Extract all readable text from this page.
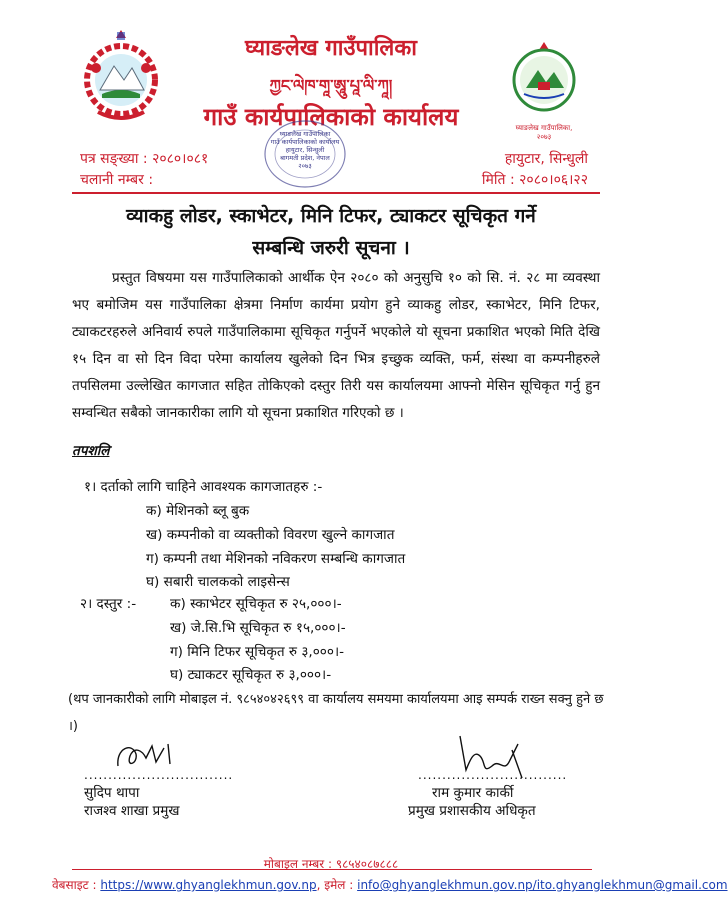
घ्याङलेख गाउँपालिका, २०७३
घ्याङलेख गाउँपालिका
ཀྱང་ལེཁ་གཱ་ཨཱུ་པཱ་ལི་ཀཱ།
गाउँ कार्यपालिकाको कार्यालय
घ्याङलेख गाउँपालिका
गाउँ कार्यपालिकाको कार्यालय
हायुटार, सिन्धुली
बागमती प्रदेश, नेपाल
२०७३
पत्र सङ्ख्या : २०८०।०८१
चलानी नम्बर :
हायुटार, सिन्धुली
मिति : २०८०।०६।२२
व्याकहु लोडर, स्काभेटर, मिनि टिफर, ट्याकटर सूचिकृत गर्ने
सम्बन्धि जरुरी सूचना ।

प्रस्तुत विषयमा यस गाउँपालिकाको आर्थीक ऐन २०८० को अनुसुचि १० को सि. नं. २८ मा व्यवस्था भए बमोजिम यस गाउँपालिका क्षेत्रमा निर्माण कार्यमा प्रयोग हुने व्याकहु लोडर, स्काभेटर, मिनि टिफर, ट्याकटरहरुले अनिवार्य रुपले गाउँपालिकामा सूचिकृत गर्नुपर्ने भएकोले यो सूचना प्रकाशित भएको मिति देखि १५ दिन वा सो दिन विदा परेमा कार्यालय खुलेको दिन भित्र इच्छुक व्यक्ति, फर्म, संस्था वा कम्पनीहरुले तपसिलमा उल्लेखित कागजात सहित तोकिएको दस्तुर तिरी यस कार्यालयमा आफ्नो मेसिन सूचिकृत गर्नु हुन सम्वन्धित सबैको जानकारीका लागि यो सूचना प्रकाशित गरिएको छ ।

तपशलि
१। दर्ताको लागि चाहिने आवश्यक कागजातहरु :-
क) मेशिनको ब्लू बुक
ख) कम्पनीको वा व्यक्तीको विवरण खुल्ने कागजात
ग) कम्पनी तथा मेशिनको नविकरण सम्बन्धि कागजात
घ) सबारी चालकको लाइसेन्स
२। दस्तुर :- क) स्काभेटर सूचिकृत रु २५,०००।-
ख) जे.सि.भि सूचिकृत रु १५,०००।-
ग) मिनि टिफर सूचिकृत रु ३,०००।-
घ) ट्याकटर सूचिकृत रु ३,०००।-
(थप जानकारीको लागि मोबाइल नं. ९८५४०४२६९९ वा कार्यालय समयमा कार्यालयमा आइ सम्पर्क राख्न सक्नु हुने छ ।)
...............................
सुदिप थापा
राजश्व शाखा प्रमुख
...............................
राम कुमार कार्की
प्रमुख प्रशासकीय अधिकृत
मोबाइल नम्बर : ९८५४०८७८८८
वेबसाइट : https://www.ghyanglekhmun.gov.np, इमेल : info@ghyanglekhmun.gov.np/ito.ghyanglekhmun@gmail.com
